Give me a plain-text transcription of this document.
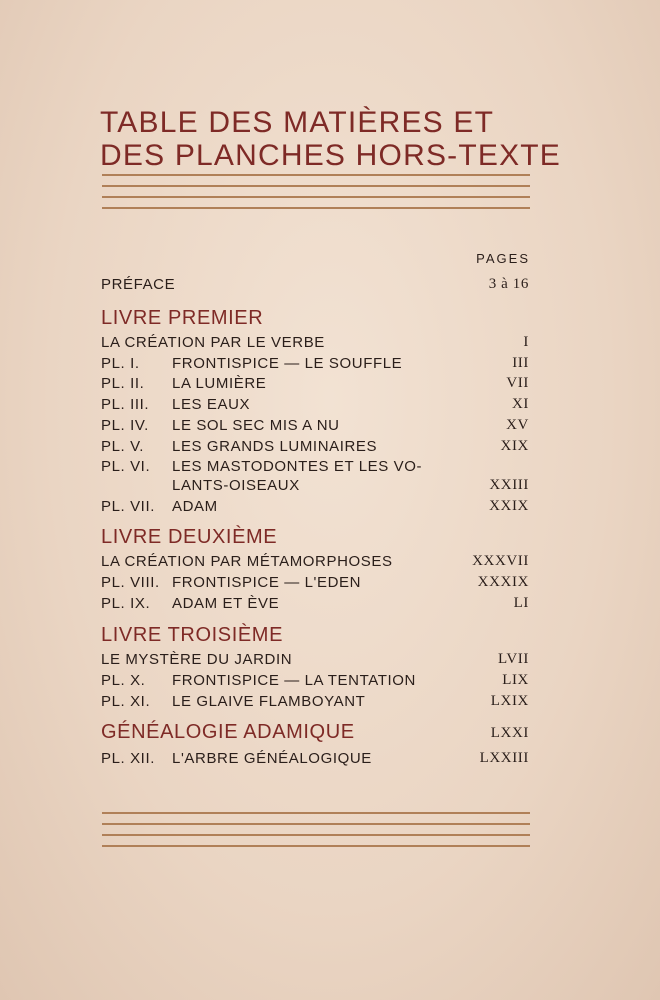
TABLE DES MATIÈRES ET
DES PLANCHES HORS-TEXTE
PAGES
PRÉFACE	3 à 16
LIVRE PREMIER
LA CRÉATION PAR LE VERBE	I
PL. I. FRONTISPICE — LE SOUFFLE	III
PL. II. LA LUMIÈRE	VII
PL. III. LES EAUX	XI
PL. IV. LE SOL SEC MIS A NU	XV
PL. V. LES GRANDS LUMINAIRES	XIX
PL. VI. LES MASTODONTES ET LES VO-
LANTS-OISEAUX	XXIII
PL. VII. ADAM	XXIX
LIVRE DEUXIÈME
LA CRÉATION PAR MÉTAMORPHOSES	XXXVII
PL. VIII. FRONTISPICE — L'EDEN	XXXIX
PL. IX. ADAM ET ÈVE	LI
LIVRE TROISIÈME
LE MYSTÈRE DU JARDIN	LVII
PL. X. FRONTISPICE — LA TENTATION	LIX
PL. XI. LE GLAIVE FLAMBOYANT	LXIX
GÉNÉALOGIE ADAMIQUE	LXXI
PL. XII. L'ARBRE GÉNÉALOGIQUE	LXXIII
